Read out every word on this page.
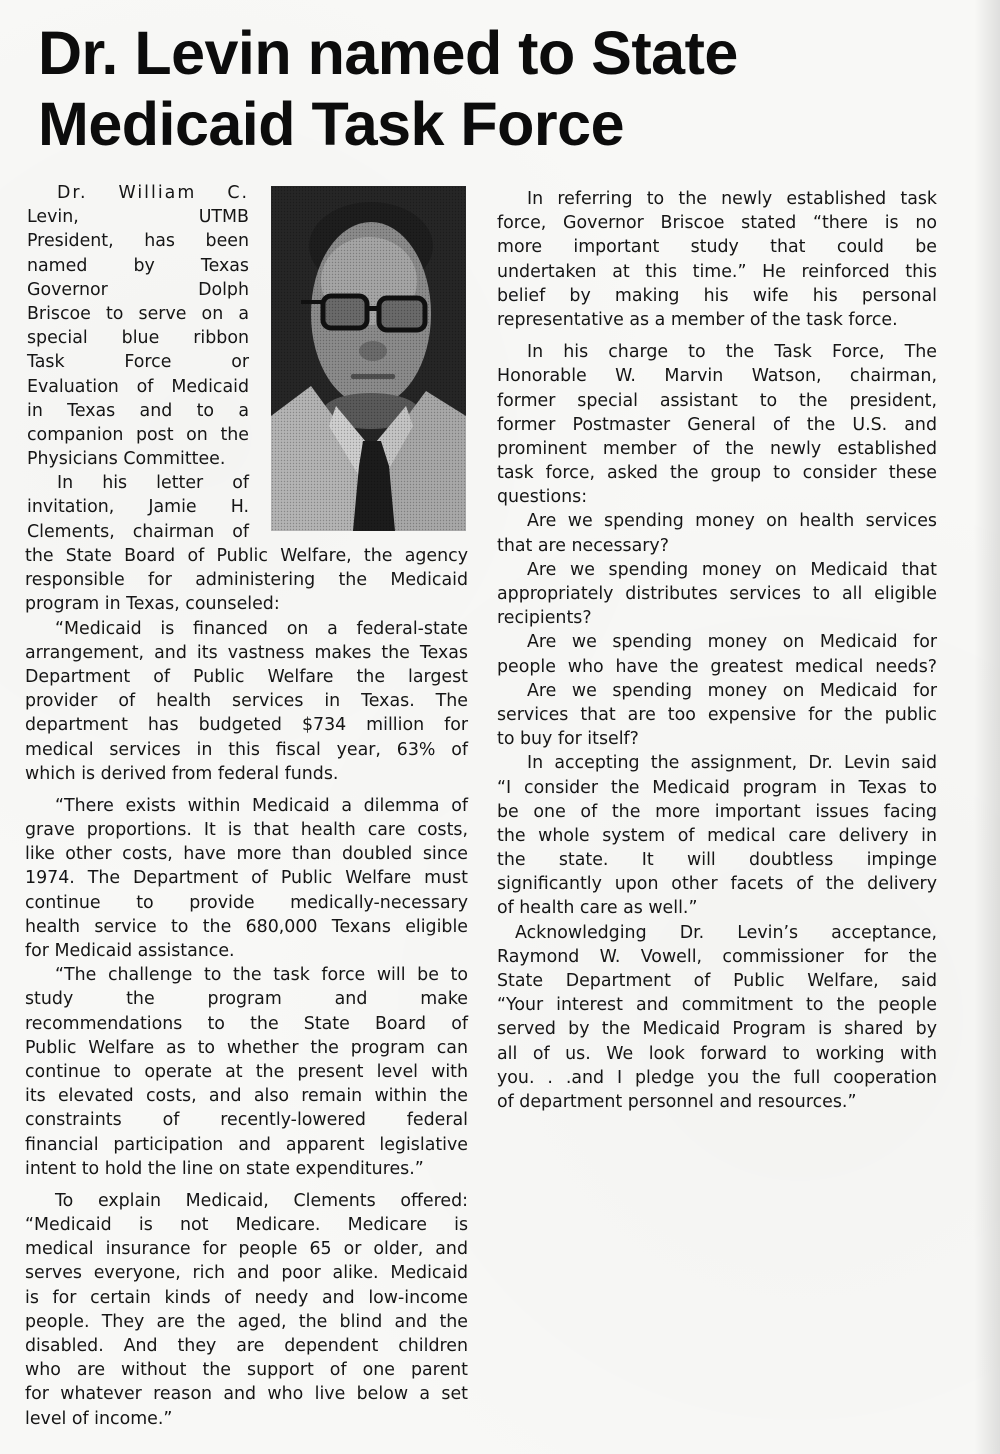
Dr. Levin named to State
Medicaid Task Force
Dr. William C.
Levin, UTMB
President, has been
named by Texas
Governor Dolph
Briscoe to serve on a
special blue ribbon
Task Force or
Evaluation of Medicaid
in Texas and to a
companion post on the
Physicians Committee.
In his letter of
invitation, Jamie H.
Clements, chairman of
the State Board of Public Welfare, the agency
responsible for administering the Medicaid
program in Texas, counseled:
“Medicaid is financed on a federal-state
arrangement, and its vastness makes the Texas
Department of Public Welfare the largest
provider of health services in Texas. The
department has budgeted $734 million for
medical services in this fiscal year, 63% of
which is derived from federal funds.
“There exists within Medicaid a dilemma of
grave proportions. It is that health care costs,
like other costs, have more than doubled since
1974. The Department of Public Welfare must
continue to provide medically-necessary
health service to the 680,000 Texans eligible
for Medicaid assistance.
“The challenge to the task force will be to
study the program and make
recommendations to the State Board of
Public Welfare as to whether the program can
continue to operate at the present level with
its elevated costs, and also remain within the
constraints of recently-lowered federal
financial participation and apparent legislative
intent to hold the line on state expenditures.”
To explain Medicaid, Clements offered:
“Medicaid is not Medicare. Medicare is
medical insurance for people 65 or older, and
serves everyone, rich and poor alike. Medicaid
is for certain kinds of needy and low-income
people. They are the aged, the blind and the
disabled. And they are dependent children
who are without the support of one parent
for whatever reason and who live below a set
level of income.”
In referring to the newly established task
force, Governor Briscoe stated “there is no
more important study that could be
undertaken at this time.” He reinforced this
belief by making his wife his personal
representative as a member of the task force.
In his charge to the Task Force, The
Honorable W. Marvin Watson, chairman,
former special assistant to the president,
former Postmaster General of the U.S. and
prominent member of the newly established
task force, asked the group to consider these
questions:
Are we spending money on health services
that are necessary?
Are we spending money on Medicaid that
appropriately distributes services to all eligible
recipients?
Are we spending money on Medicaid for
people who have the greatest medical needs?
Are we spending money on Medicaid for
services that are too expensive for the public
to buy for itself?
In accepting the assignment, Dr. Levin said
“I consider the Medicaid program in Texas to
be one of the more important issues facing
the whole system of medical care delivery in
the state. It will doubtless impinge
significantly upon other facets of the delivery
of health care as well.”
Acknowledging Dr. Levin’s acceptance,
Raymond W. Vowell, commissioner for the
State Department of Public Welfare, said
“Your interest and commitment to the people
served by the Medicaid Program is shared by
all of us. We look forward to working with
you. . .and I pledge you the full cooperation
of department personnel and resources.”
